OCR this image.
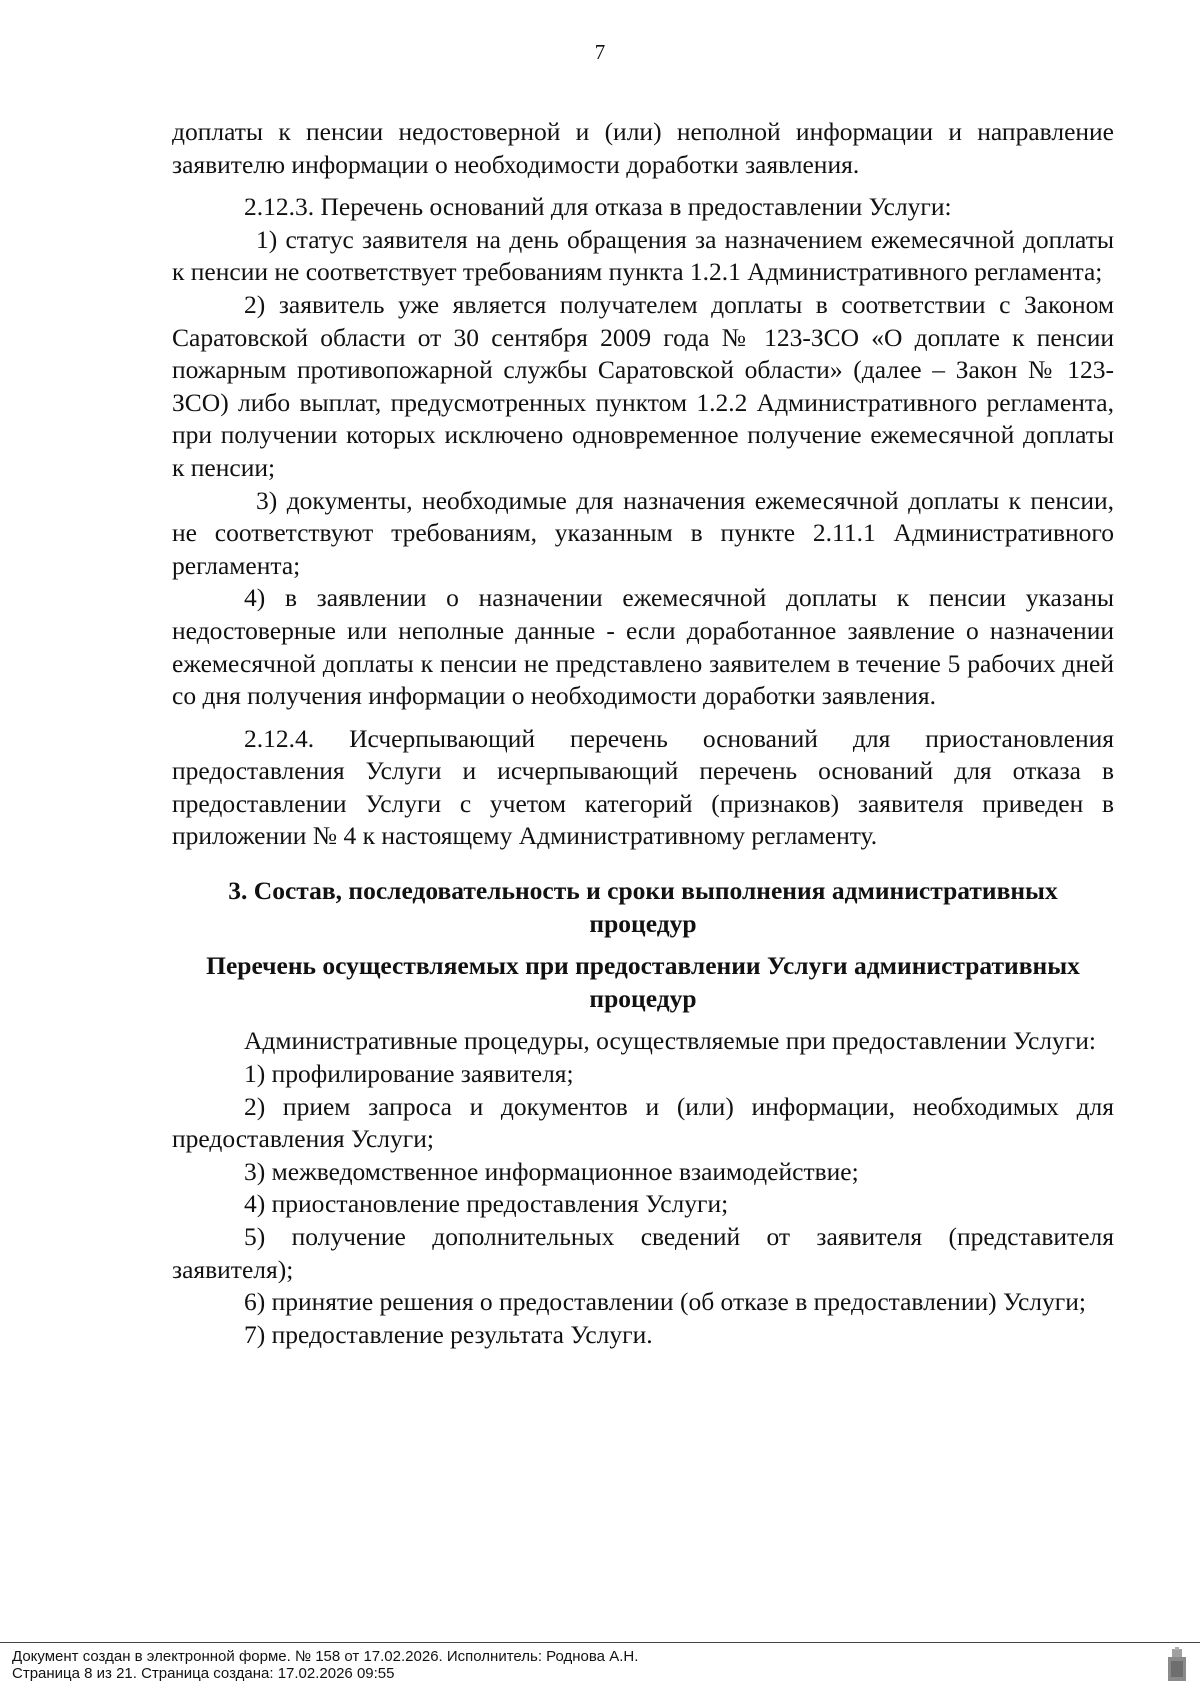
7

доплаты к пенсии недостоверной и (или) неполной информации и направление заявителю информации о необходимости доработки заявления.

2.12.3. Перечень оснований для отказа в предоставлении Услуги:

1) статус заявителя на день обращения за назначением ежемесячной доплаты к пенсии не соответствует требованиям пункта 1.2.1 Административного регламента;

2) заявитель уже является получателем доплаты в соответствии с Законом Саратовской области от 30 сентября 2009 года № 123-ЗСО «О доплате к пенсии пожарным противопожарной службы Саратовской области» (далее – Закон № 123-ЗСО) либо выплат, предусмотренных пунктом 1.2.2 Административного регламента, при получении которых исключено одновременное получение ежемесячной доплаты к пенсии;

3) документы, необходимые для назначения ежемесячной доплаты к пенсии, не соответствуют требованиям, указанным в пункте 2.11.1 Административного регламента;

4) в заявлении о назначении ежемесячной доплаты к пенсии указаны недостоверные или неполные данные - если доработанное заявление о назначении ежемесячной доплаты к пенсии не представлено заявителем в течение 5 рабочих дней со дня получения информации о необходимости доработки заявления.

2.12.4. Исчерпывающий перечень оснований для приостановления предоставления Услуги и исчерпывающий перечень оснований для отказа в предоставлении Услуги с учетом категорий (признаков) заявителя приведен в приложении № 4 к настоящему Административному регламенту.

3. Состав, последовательность и сроки выполнения административных процедур

Перечень осуществляемых при предоставлении Услуги административных процедур

Административные процедуры, осуществляемые при предоставлении Услуги:

1) профилирование заявителя;

2) прием запроса и документов и (или) информации, необходимых для предоставления Услуги;

3) межведомственное информационное взаимодействие;

4) приостановление предоставления Услуги;

5) получение дополнительных сведений от заявителя (представителя заявителя);

6) принятие решения о предоставлении (об отказе в предоставлении) Услуги;

7) предоставление результата Услуги.

Документ создан в электронной форме. № 158 от 17.02.2026. Исполнитель: Роднова А.Н.
Страница 8 из 21. Страница создана: 17.02.2026 09:55
